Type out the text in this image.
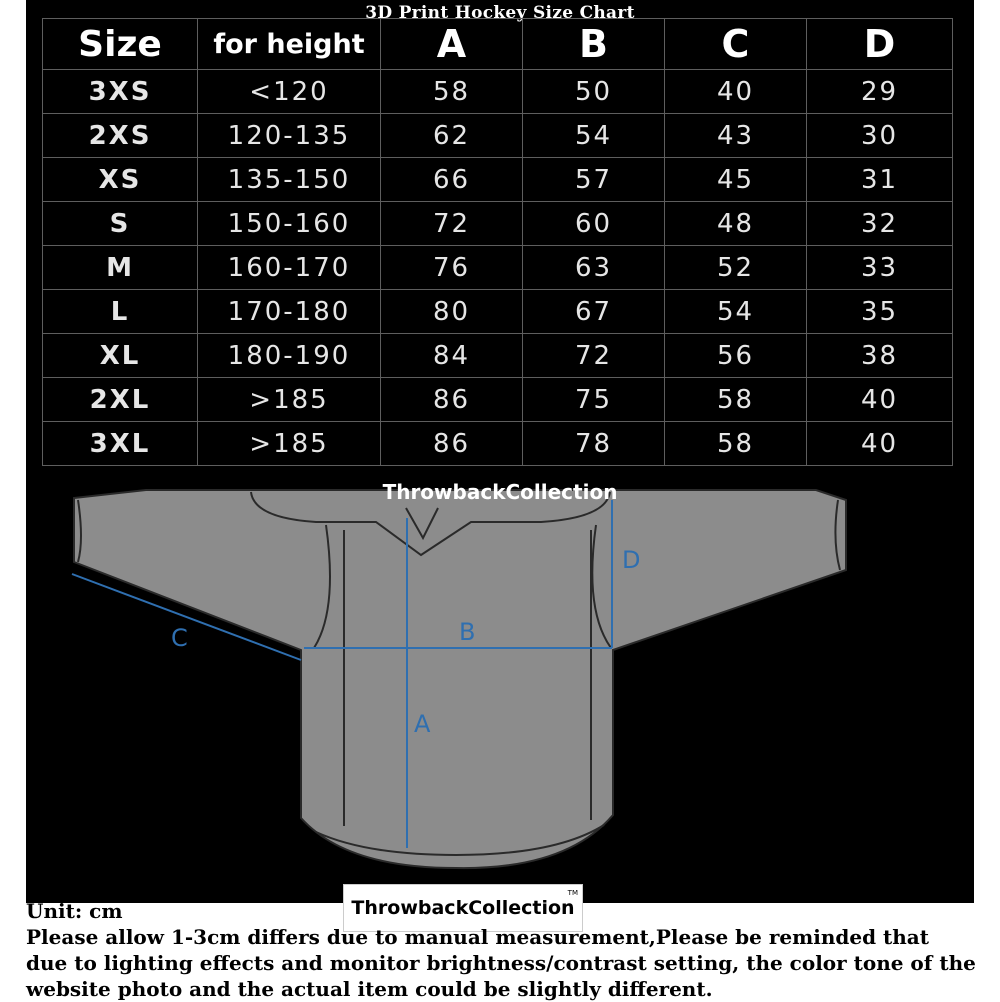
3D Print Hockey Size Chart
Size	for height	A	B	C	D
3XS	<120	58	50	40	29
2XS	120-135	62	54	43	30
XS	135-150	66	57	45	31
S	150-160	72	60	48	32
M	160-170	76	63	52	33
L	170-180	80	67	54	35
XL	180-190	84	72	56	38
2XL	>185	86	75	58	40
3XL	>185	86	78	58	40
A
B
C
D
ThrowbackCollection
ThrowbackCollection
TM

Unit: cm

Please allow 1-3cm differs due to manual measurement,Please be reminded that due to lighting effects and monitor brightness/contrast setting, the color tone of the website photo and the actual item could be slightly different.
